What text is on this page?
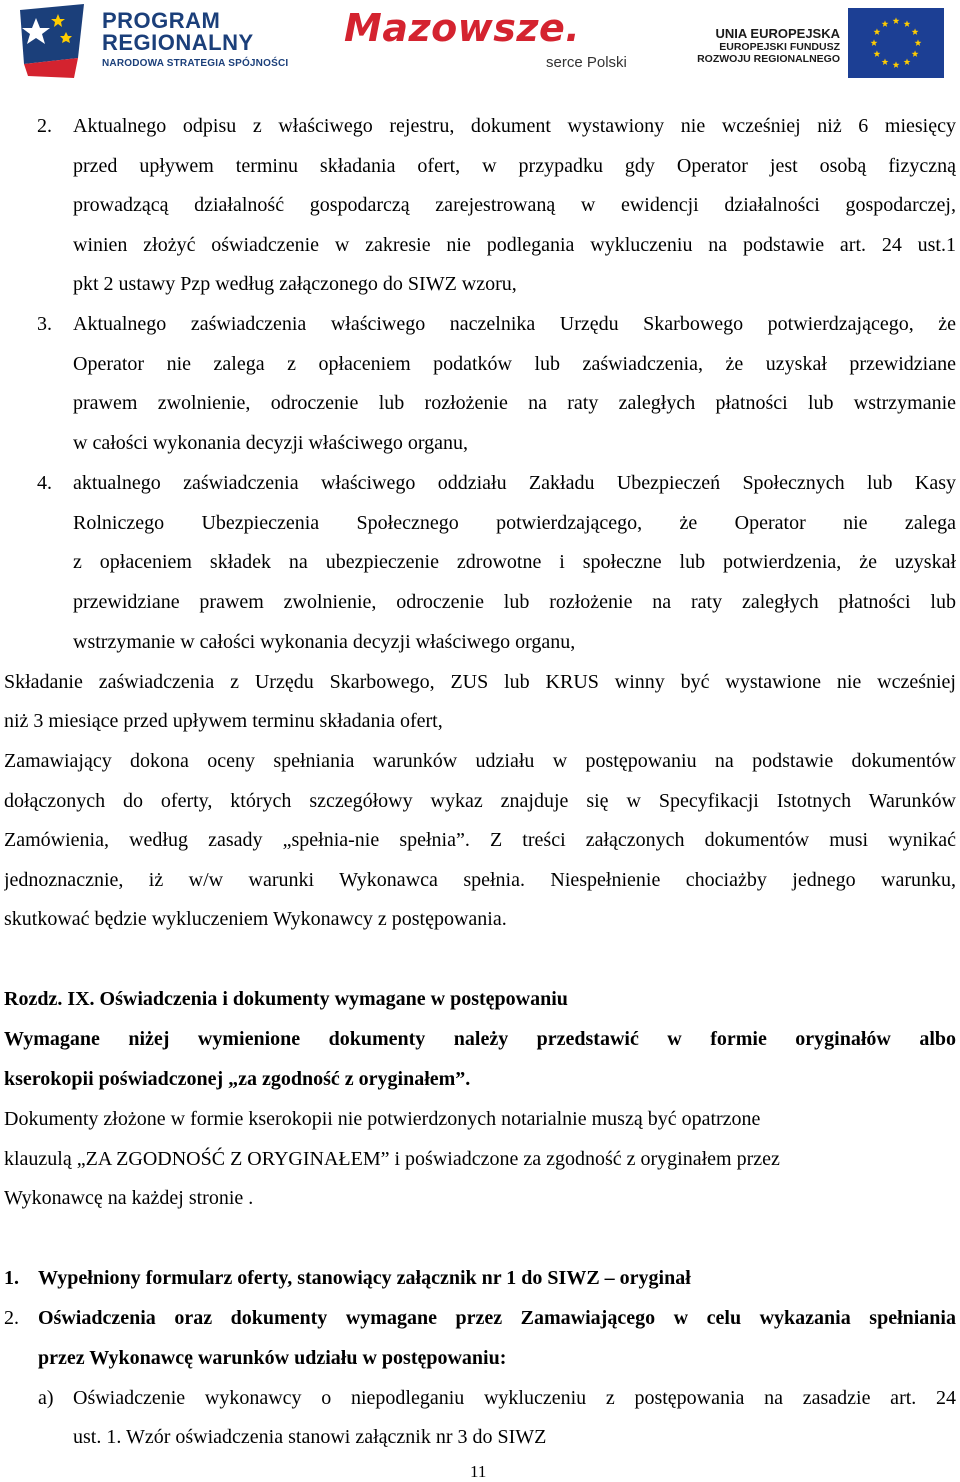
PROGRAM
REGIONALNY
NARODOWA STRATEGIA SPÓJNOŚCI
Mazowsze.
serce Polski
UNIA EUROPEJSKA
EUROPEJSKI FUNDUSZ
ROZWOJU REGIONALNEGO
2. Aktualnego odpisu z właściwego rejestru, dokument wystawiony nie wcześniej niż 6 miesięcy
przed upływem terminu składania ofert, w przypadku gdy Operator jest osobą fizyczną
prowadzącą działalność gospodarczą zarejestrowaną w ewidencji działalności gospodarczej,
winien złożyć oświadczenie w zakresie nie podlegania wykluczeniu na podstawie art. 24 ust.1
pkt 2 ustawy Pzp według załączonego do SIWZ wzoru,
3. Aktualnego zaświadczenia właściwego naczelnika Urzędu Skarbowego potwierdzającego, że
Operator nie zalega z opłaceniem podatków lub zaświadczenia, że uzyskał przewidziane
prawem zwolnienie, odroczenie lub rozłożenie na raty zaległych płatności lub wstrzymanie
w całości wykonania decyzji właściwego organu,
4. aktualnego zaświadczenia właściwego oddziału Zakładu Ubezpieczeń Społecznych lub Kasy
Rolniczego Ubezpieczenia Społecznego potwierdzającego, że Operator nie zalega
z opłaceniem składek na ubezpieczenie zdrowotne i społeczne lub potwierdzenia, że uzyskał
przewidziane prawem zwolnienie, odroczenie lub rozłożenie na raty zaległych płatności lub
wstrzymanie w całości wykonania decyzji właściwego organu,
Składanie zaświadczenia z Urzędu Skarbowego, ZUS lub KRUS winny być wystawione nie wcześniej
niż 3 miesiące przed upływem terminu składania ofert,
Zamawiający dokona oceny spełniania warunków udziału w postępowaniu na podstawie dokumentów
dołączonych do oferty, których szczegółowy wykaz znajduje się w Specyfikacji Istotnych Warunków
Zamówienia, według zasady „spełnia-nie spełnia”. Z treści załączonych dokumentów musi wynikać
jednoznacznie, iż w/w warunki Wykonawca spełnia. Niespełnienie chociażby jednego warunku,
skutkować będzie wykluczeniem Wykonawcy z postępowania.
Rozdz. IX. Oświadczenia i dokumenty wymagane w postępowaniu
Wymagane niżej wymienione dokumenty należy przedstawić w formie oryginałów albo
kserokopii poświadczonej „za zgodność z oryginałem”.
Dokumenty złożone w formie kserokopii nie potwierdzonych notarialnie muszą być opatrzone
klauzulą „ZA ZGODNOŚĆ Z ORYGINAŁEM” i poświadczone za zgodność z oryginałem przez
Wykonawcę na każdej stronie .
1. Wypełniony formularz oferty, stanowiący załącznik nr 1 do SIWZ – oryginał
2. Oświadczenia oraz dokumenty wymagane przez Zamawiającego w celu wykazania spełniania
przez Wykonawcę warunków udziału w postępowaniu:
a) Oświadczenie wykonawcy o niepodleganiu wykluczeniu z postępowania na zasadzie art. 24
ust. 1. Wzór oświadczenia stanowi załącznik nr 3 do SIWZ
11
